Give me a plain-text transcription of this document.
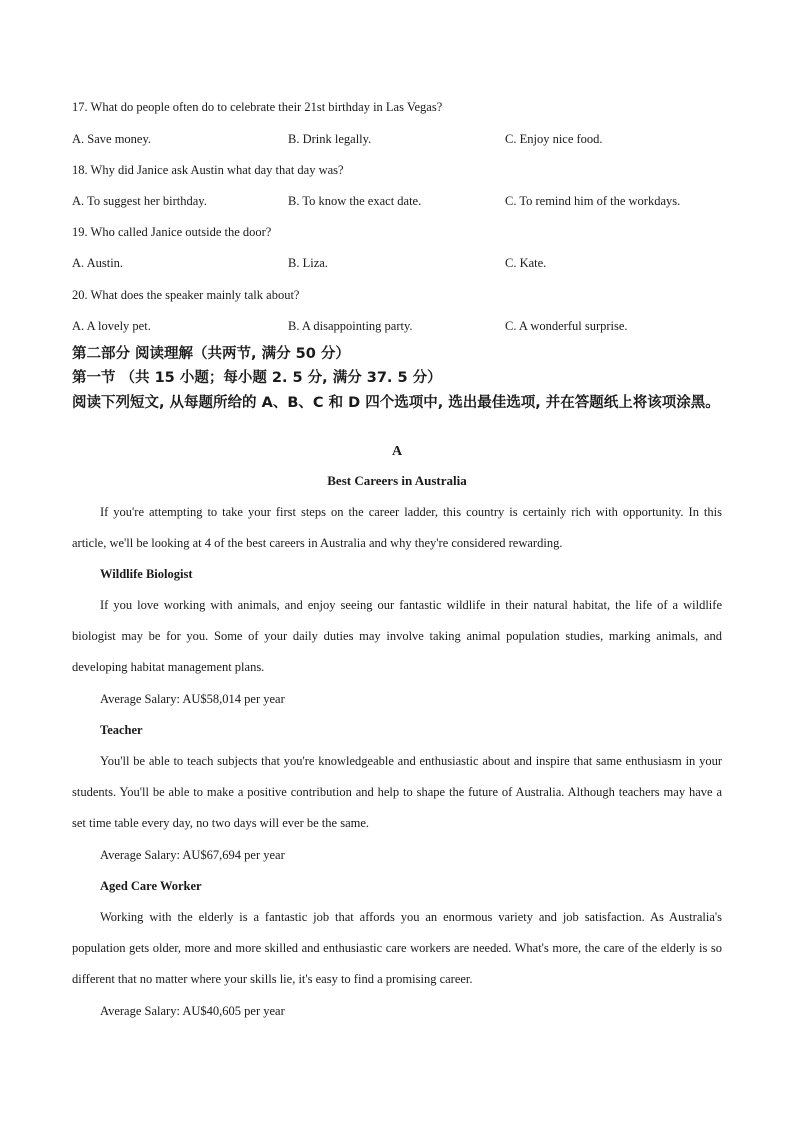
17. What do people often do to celebrate their 21st birthday in Las Vegas?
A. Save money.	B. Drink legally.	C. Enjoy nice food.
18. Why did Janice ask Austin what day that day was?
A. To suggest her birthday.	B. To know the exact date.	C. To remind him of the workdays.
19. Who called Janice outside the door?
A. Austin.	B. Liza.	C. Kate.
20. What does the speaker mainly talk about?
A. A lovely pet.	B. A disappointing party.	C. A wonderful surprise.
第二部分 阅读理解（共两节, 满分 50 分）
第一节 （共 15 小题；每小题 2. 5 分, 满分 37. 5 分）
阅读下列短文, 从每题所给的 A、B、C 和 D 四个选项中, 选出最佳选项, 并在答题纸上将该项涂黑。
A
Best Careers in Australia
If you're attempting to take your first steps on the career ladder, this country is certainly rich with opportunity. In this article, we'll be looking at 4 of the best careers in Australia and why they're considered rewarding.
Wildlife Biologist
If you love working with animals, and enjoy seeing our fantastic wildlife in their natural habitat, the life of a wildlife biologist may be for you. Some of your daily duties may involve taking animal population studies, marking animals, and developing habitat management plans.
Average Salary: AU$58,014 per year
Teacher
You'll be able to teach subjects that you're knowledgeable and enthusiastic about and inspire that same enthusiasm in your students. You'll be able to make a positive contribution and help to shape the future of Australia. Although teachers may have a set time table every day, no two days will ever be the same.
Average Salary: AU$67,694 per year
Aged Care Worker
Working with the elderly is a fantastic job that affords you an enormous variety and job satisfaction. As Australia's population gets older, more and more skilled and enthusiastic care workers are needed. What's more, the care of the elderly is so different that no matter where your skills lie, it's easy to find a promising career.
Average Salary: AU$40,605 per year
